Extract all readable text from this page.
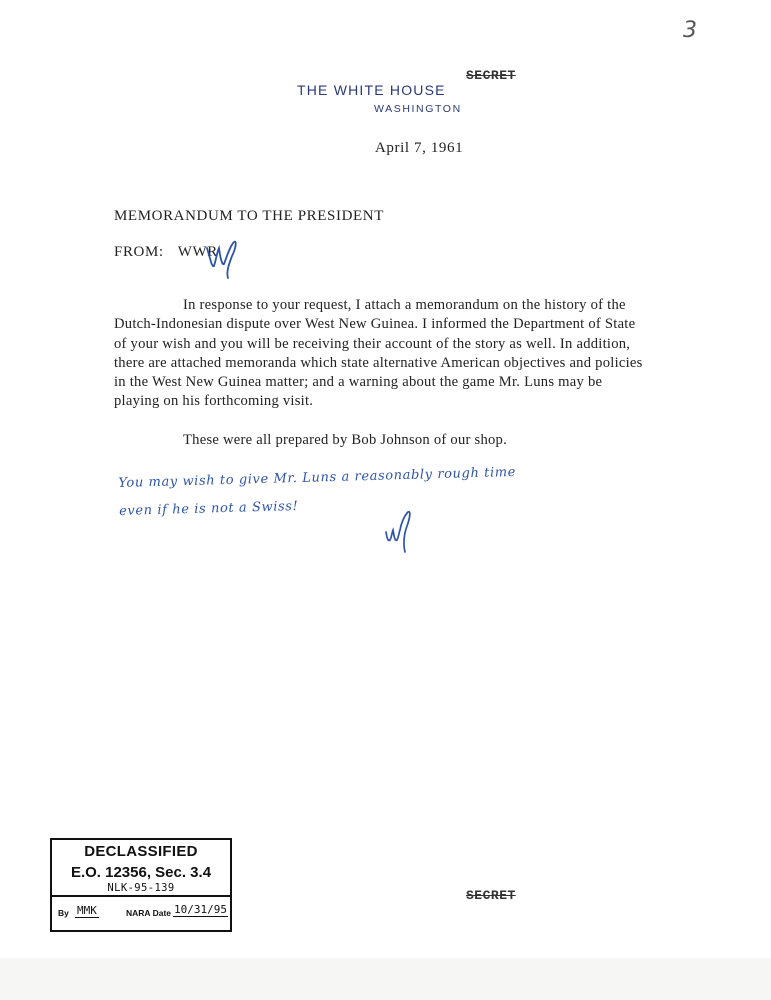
3
THE WHITE HOUSE
WASHINGTON
SECRET
April 7, 1961
MEMORANDUM TO THE PRESIDENT
FROM: WWR

In response to your request, I attach a memorandum on the history of the Dutch-Indonesian dispute over West New Guinea. I informed the Department of State of your wish and you will be receiving their account of the story as well. In addition, there are attached memoranda which state alternative American objectives and policies in the West New Guinea matter; and a warning about the game Mr. Luns may be playing on his forthcoming visit.

These were all prepared by Bob Johnson of our shop.

You may wish to give Mr. Luns a reasonably rough time
even if he is not a Swiss!
SECRET
DECLASSIFIED
E.O. 12356, Sec. 3.4
NLK-95-139
By MMK	NARA Date 10/31/95
